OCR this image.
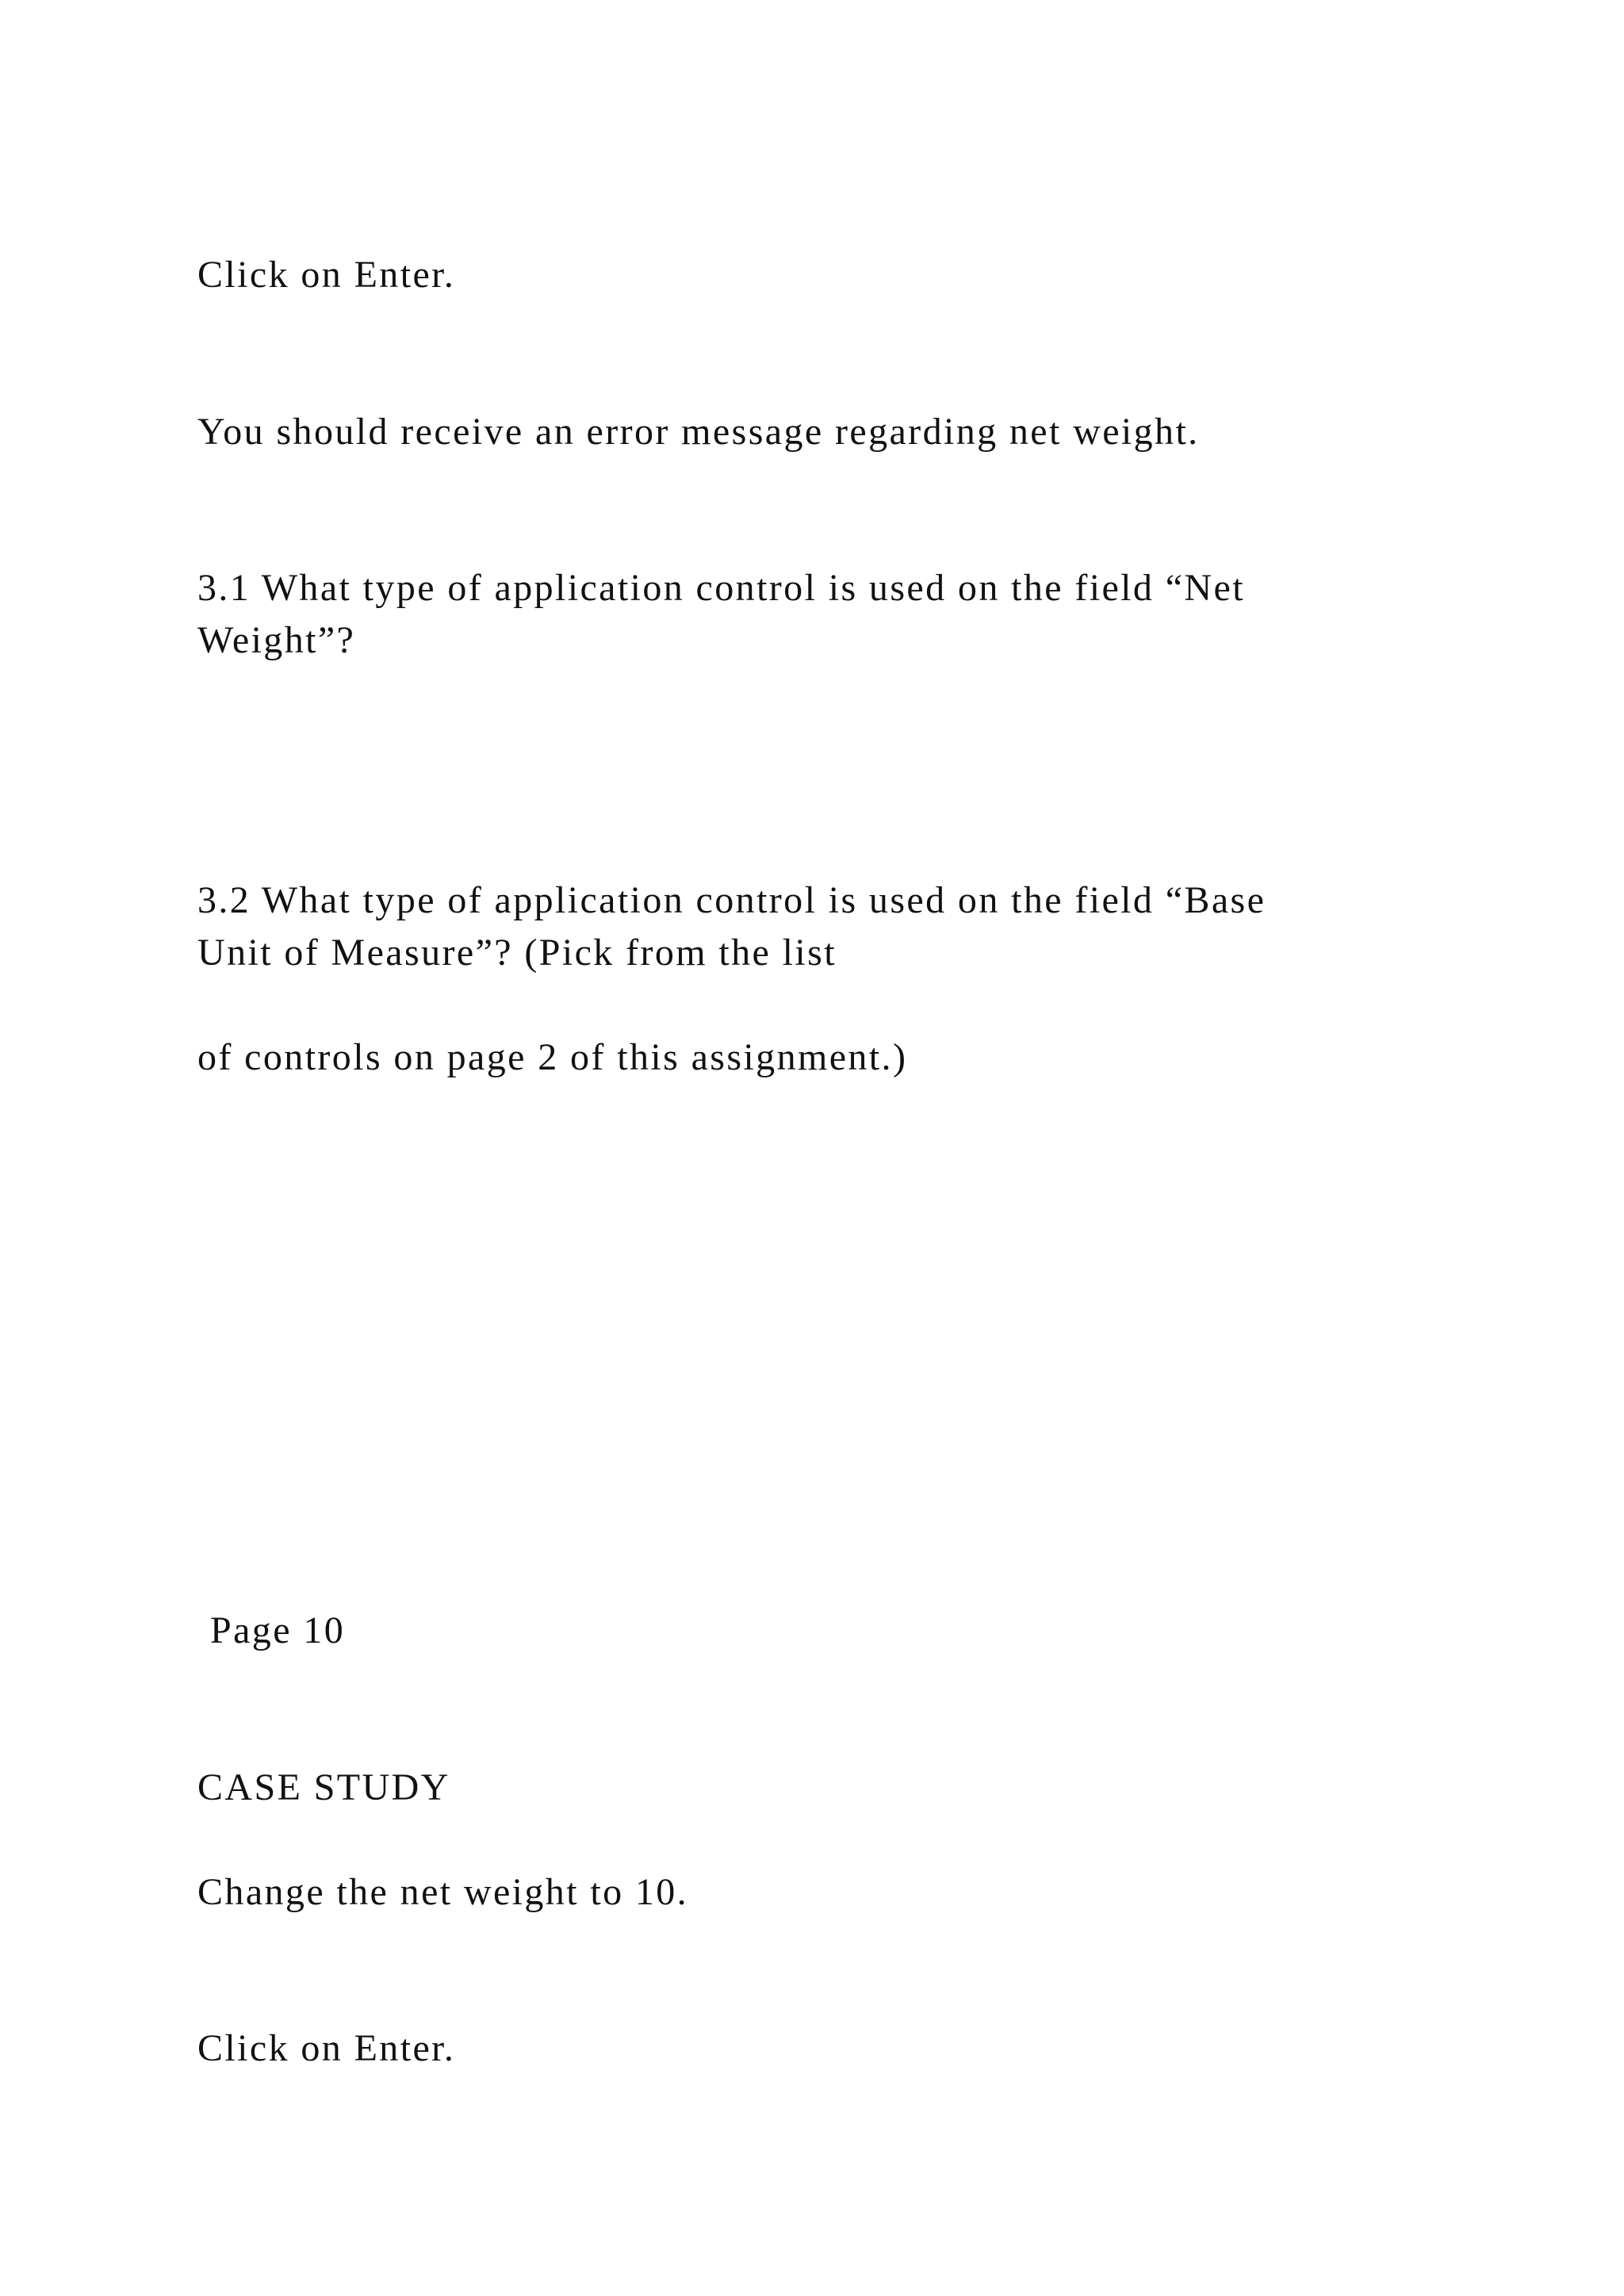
Click on Enter.

You should receive an error message regarding net weight.

3.1 What type of application control is used on the field “Net
Weight”?
3.2 What type of application control is used on the field “Base
Unit of Measure”? (Pick from the list

of controls on page 2 of this assignment.)

Page 10

CASE STUDY

Change the net weight to 10.

Click on Enter.
